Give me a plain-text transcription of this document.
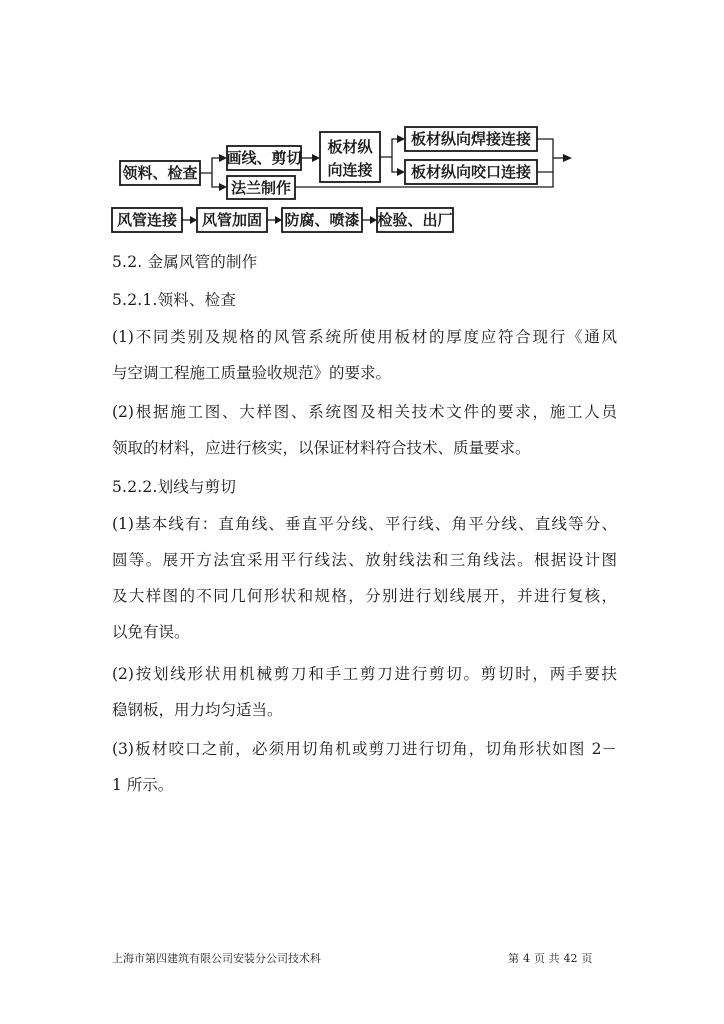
领料、检查
画线、剪切
法兰制作
板材纵
向连接
板材纵向焊接连接
板材纵向咬口连接
风管连接 风管加固 防腐、喷漆 检验、出厂
5.2. 金属风管的制作
5.2.1.领料、检查
(1)不同类别及规格的风管系统所使用板材的厚度应符合现行《通风
与空调工程施工质量验收规范》的要求。
(2)根据施工图、大样图、系统图及相关技术文件的要求，施工人员
领取的材料，应进行核实，以保证材料符合技术、质量要求。
5.2.2.划线与剪切
(1)基本线有：直角线、垂直平分线、平行线、角平分线、直线等分、
圆等。展开方法宜采用平行线法、放射线法和三角线法。根据设计图
及大样图的不同几何形状和规格，分别进行划线展开，并进行复核，
以免有误。
(2)按划线形状用机械剪刀和手工剪刀进行剪切。剪切时，两手要扶
稳钢板，用力均匀适当。
(3)板材咬口之前，必须用切角机或剪刀进行切角，切角形状如图 2－
1 所示。
上海市第四建筑有限公司安装分公司技术科	第 4 页 共 42 页
